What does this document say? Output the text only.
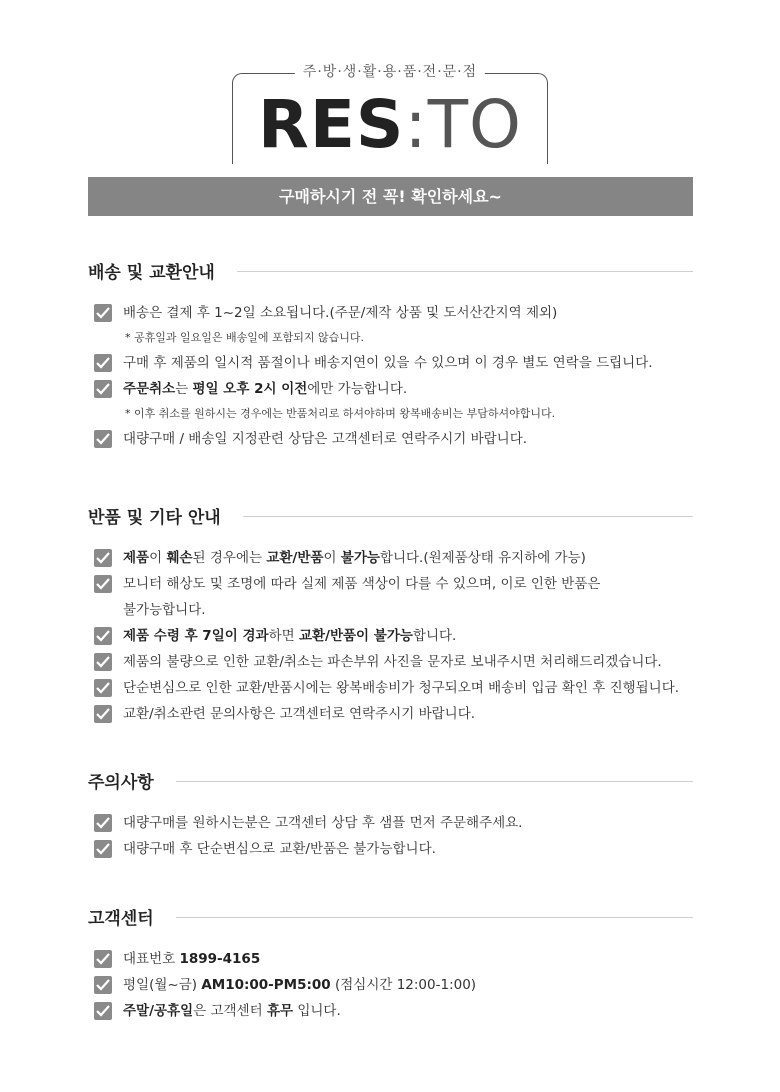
주·방·생·활·용·품·전·문·점
RES:TO
구매하시기 전 꼭! 확인하세요~
배송 및 교환안내
배송은 결제 후 1~2일 소요됩니다.(주문/제작 상품 및 도서산간지역 제외)
* 공휴일과 일요일은 배송일에 포함되지 않습니다.
구매 후 제품의 일시적 품절이나 배송지연이 있을 수 있으며 이 경우 별도 연락을 드립니다.
주문취소는 평일 오후 2시 이전에만 가능합니다.
* 이후 취소를 원하시는 경우에는 반품처리로 하셔야하며 왕복배송비는 부담하셔야합니다.
대량구매 / 배송일 지정관련 상담은 고객센터로 연락주시기 바랍니다.
반품 및 기타 안내
제품이 훼손된 경우에는 교환/반품이 불가능합니다.(원제품상태 유지하에 가능)
모니터 해상도 및 조명에 따라 실제 제품 색상이 다를 수 있으며, 이로 인한 반품은
불가능합니다.
제품 수령 후 7일이 경과하면 교환/반품이 불가능합니다.
제품의 불량으로 인한 교환/취소는 파손부위 사진을 문자로 보내주시면 처리해드리겠습니다.
단순변심으로 인한 교환/반품시에는 왕복배송비가 청구되오며 배송비 입금 확인 후 진행됩니다.
교환/취소관련 문의사항은 고객센터로 연락주시기 바랍니다.
주의사항
대량구매를 원하시는분은 고객센터 상담 후 샘플 먼저 주문해주세요.
대량구매 후 단순변심으로 교환/반품은 불가능합니다.
고객센터
대표번호 1899-4165
평일(월~금) AM10:00-PM5:00 (점심시간 12:00-1:00)
주말/공휴일은 고객센터 휴무 입니다.
